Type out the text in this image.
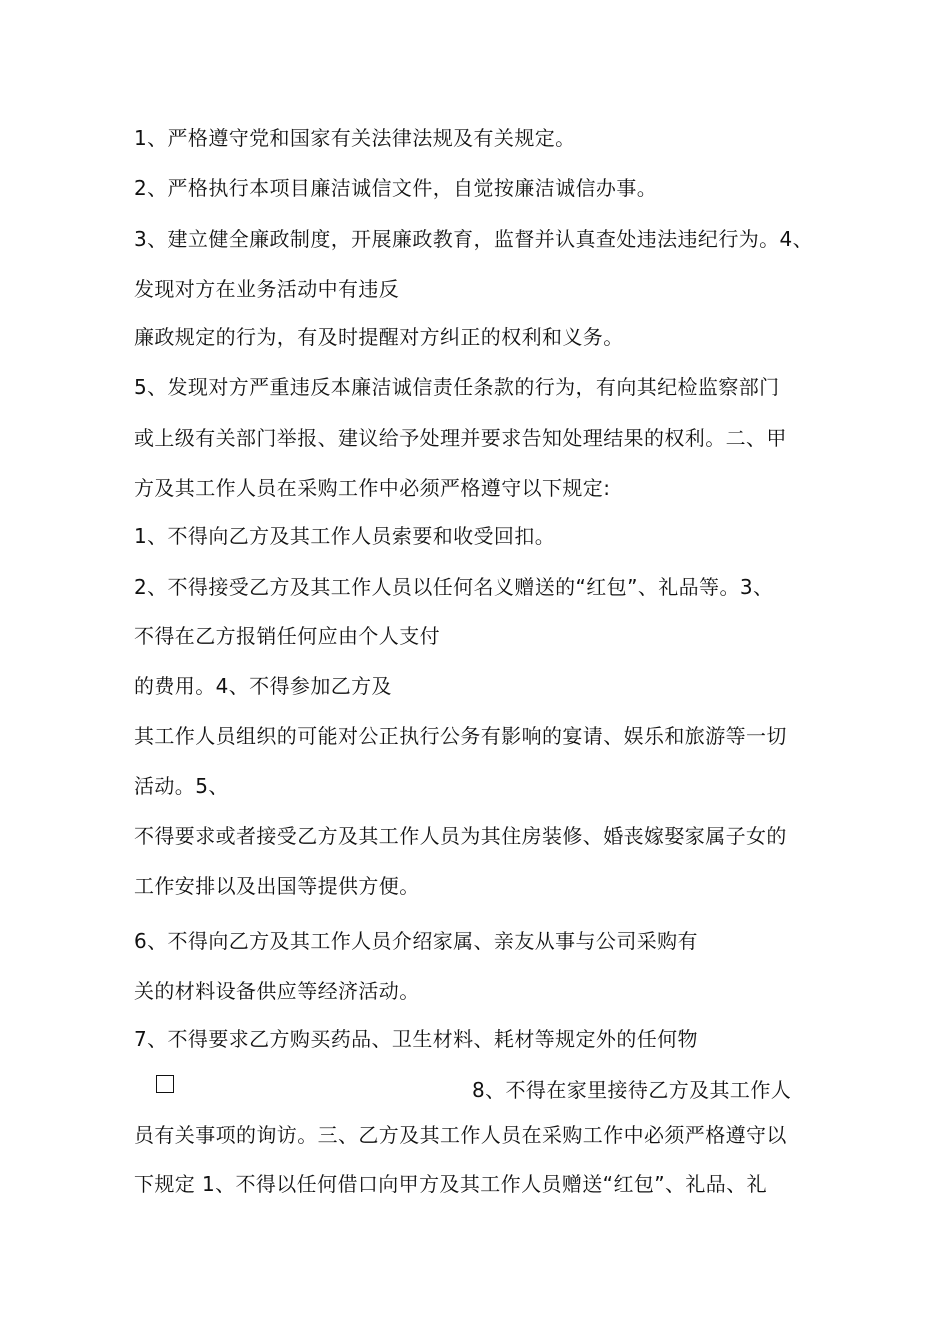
1、严格遵守党和国家有关法律法规及有关规定。
2、严格执行本项目廉洁诚信文件，自觉按廉洁诚信办事。
3、建立健全廉政制度，开展廉政教育，监督并认真查处违法违纪行为。4、
发现对方在业务活动中有违反
廉政规定的行为，有及时提醒对方纠正的权利和义务。
5、发现对方严重违反本廉洁诚信责任条款的行为，有向其纪检监察部门
或上级有关部门举报、建议给予处理并要求告知处理结果的权利。二、甲
方及其工作人员在采购工作中必须严格遵守以下规定:
1、不得向乙方及其工作人员索要和收受回扣。
2、不得接受乙方及其工作人员以任何名义赠送的“红包”、礼品等。3、
不得在乙方报销任何应由个人支付
的费用。4、不得参加乙方及
其工作人员组织的可能对公正执行公务有影响的宴请、娱乐和旅游等一切
活动。5、
不得要求或者接受乙方及其工作人员为其住房装修、婚丧嫁娶家属子女的
工作安排以及出国等提供方便。
6、不得向乙方及其工作人员介绍家属、亲友从事与公司采购有
关的材料设备供应等经济活动。
7、不得要求乙方购买药品、卫生材料、耗材等规定外的任何物
8、不得在家里接待乙方及其工作人
员有关事项的询访。三、乙方及其工作人员在采购工作中必须严格遵守以
下规定 1、不得以任何借口向甲方及其工作人员赠送“红包”、礼品、礼
